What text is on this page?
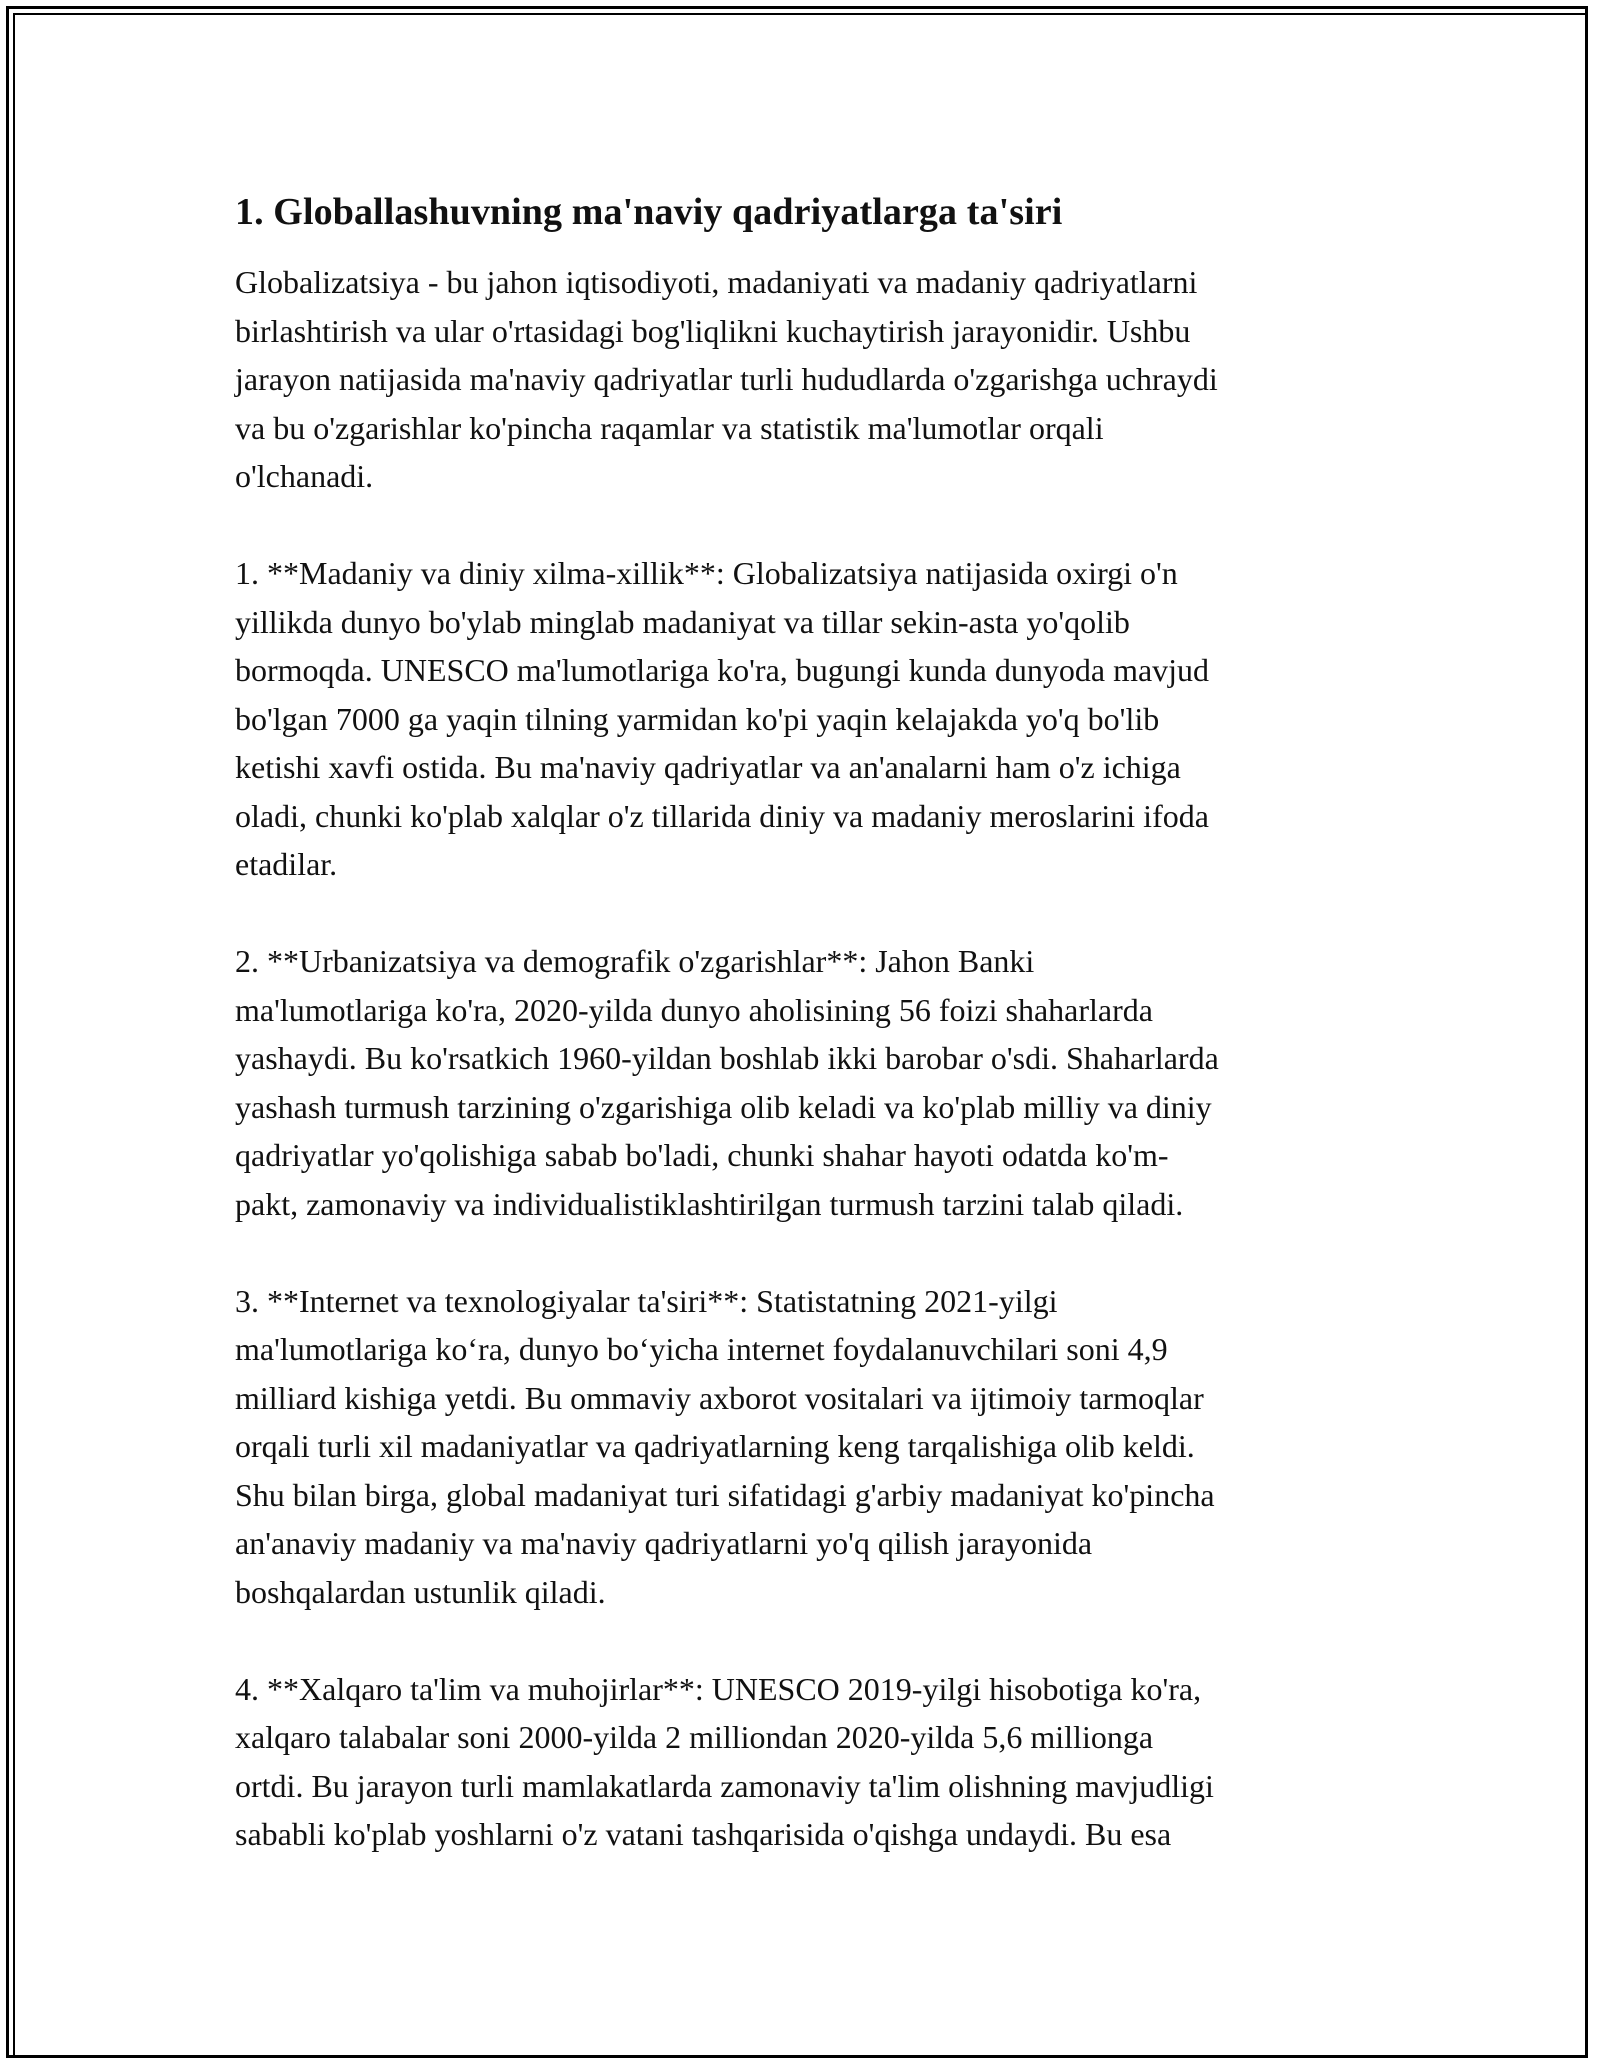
1. Globallashuvning ma'naviy qadriyatlarga ta'siri

Globalizatsiya - bu jahon iqtisodiyoti, madaniyati va madaniy qadriyatlarni
birlashtirish va ular o'rtasidagi bog'liqlikni kuchaytirish jarayonidir. Ushbu
jarayon natijasida ma'naviy qadriyatlar turli hududlarda o'zgarishga uchraydi
va bu o'zgarishlar ko'pincha raqamlar va statistik ma'lumotlar orqali
o'lchanadi.

1. **Madaniy va diniy xilma-xillik**: Globalizatsiya natijasida oxirgi o'n
yillikda dunyo bo'ylab minglab madaniyat va tillar sekin-asta yo'qolib
bormoqda. UNESCO ma'lumotlariga ko'ra, bugungi kunda dunyoda mavjud
bo'lgan 7000 ga yaqin tilning yarmidan ko'pi yaqin kelajakda yo'q bo'lib
ketishi xavfi ostida. Bu ma'naviy qadriyatlar va an'analarni ham o'z ichiga
oladi, chunki ko'plab xalqlar o'z tillarida diniy va madaniy meroslarini ifoda
etadilar.

2. **Urbanizatsiya va demografik o'zgarishlar**: Jahon Banki
ma'lumotlariga ko'ra, 2020-yilda dunyo aholisining 56 foizi shaharlarda
yashaydi. Bu ko'rsatkich 1960-yildan boshlab ikki barobar o'sdi. Shaharlarda
yashash turmush tarzining o'zgarishiga olib keladi va ko'plab milliy va diniy
qadriyatlar yo'qolishiga sabab bo'ladi, chunki shahar hayoti odatda ko'm-
pakt, zamonaviy va individualistiklashtirilgan turmush tarzini talab qiladi.

3. **Internet va texnologiyalar ta'siri**: Statistatning 2021-yilgi
ma'lumotlariga ko‘ra, dunyo bo‘yicha internet foydalanuvchilari soni 4,9
milliard kishiga yetdi. Bu ommaviy axborot vositalari va ijtimoiy tarmoqlar
orqali turli xil madaniyatlar va qadriyatlarning keng tarqalishiga olib keldi.
Shu bilan birga, global madaniyat turi sifatidagi g'arbiy madaniyat ko'pincha
an'anaviy madaniy va ma'naviy qadriyatlarni yo'q qilish jarayonida
boshqalardan ustunlik qiladi.

4. **Xalqaro ta'lim va muhojirlar**: UNESCO 2019-yilgi hisobotiga ko'ra,
xalqaro talabalar soni 2000-yilda 2 milliondan 2020-yilda 5,6 millionga
ortdi. Bu jarayon turli mamlakatlarda zamonaviy ta'lim olishning mavjudligi
sababli ko'plab yoshlarni o'z vatani tashqarisida o'qishga undaydi. Bu esa
